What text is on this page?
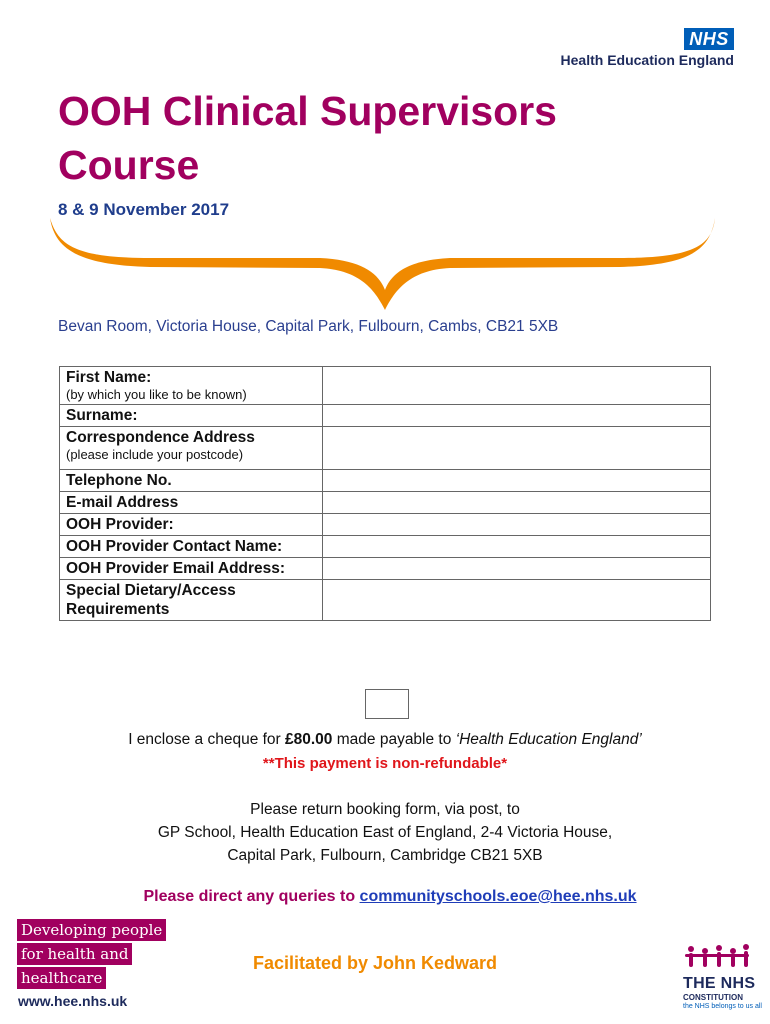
NHS
Health Education England
OOH Clinical Supervisors Course
8 & 9 November 2017
Bevan Room, Victoria House, Capital Park, Fulbourn, Cambs, CB21 5XB
First Name:
(by which you like to be known)	

Surname:	

Correspondence Address
(please include your postcode)	

Telephone No.	

E-mail Address	

OOH Provider:	

OOH Provider Contact Name:	

OOH Provider Email Address:	

Special Dietary/Access Requirements	

I enclose a cheque for £80.00 made payable to ‘Health Education England’
**This payment is non-refundable*
Please return booking form, via post, to
GP School, Health Education East of England, 2-4 Victoria House,
Capital Park, Fulbourn, Cambridge CB21 5XB
Please direct any queries to communityschools.eoe@hee.nhs.uk
Developing people
for health and
healthcare
www.hee.nhs.uk
Facilitated by John Kedward
THE NHS
CONSTITUTION
the NHS belongs to us all
